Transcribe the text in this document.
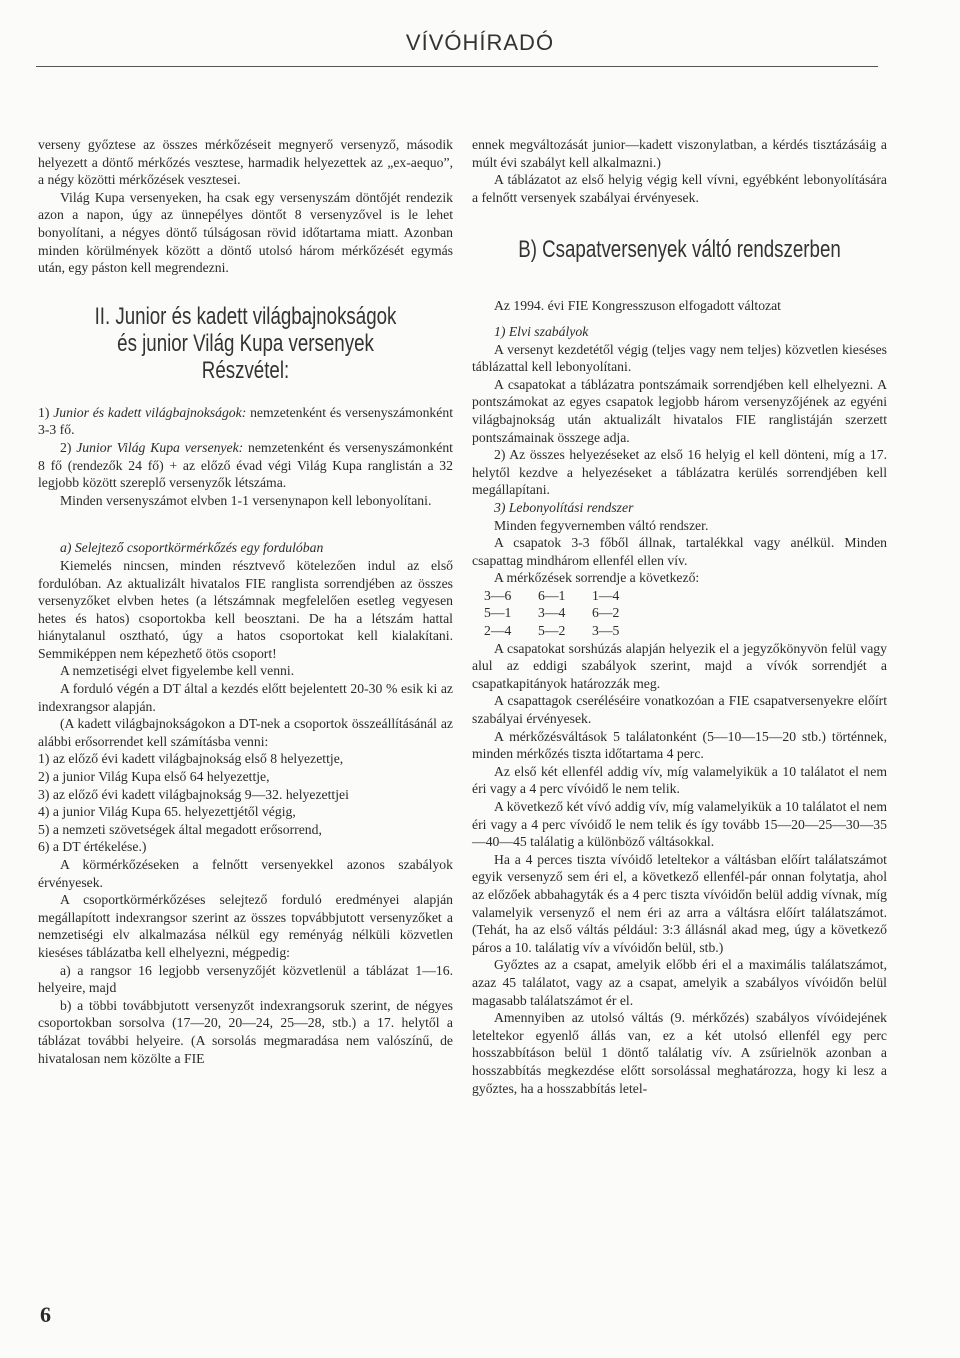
VÍVÓHÍRADÓ

verseny győztese az összes mérkőzéseit megnyerő versenyző, második helyezett a döntő mérkőzés vesztese, harmadik helyezettek az „ex-aequo”, a négy közötti mérkőzések vesztesei.

Világ Kupa versenyeken, ha csak egy versenyszám döntőjét rendezik azon a napon, úgy az ünnepélyes döntőt 8 versenyzővel is le lehet bonyolítani, a négyes döntő túlságosan rövid időtartama miatt. Azonban minden körülmények között a döntő utolsó három mérkőzését egymás után, egy páston kell megrendezni.

II. Junior és kadett világbajnokságok
és junior Világ Kupa versenyek
Részvétel:

1) Junior és kadett világbajnokságok: nemzetenként és versenyszámonként 3-3 fő.

2) Junior Világ Kupa versenyek: nemzetenként és versenyszámonként 8 fő (rendezők 24 fő) + az előző évad végi Világ Kupa ranglistán a 32 legjobb között szereplő versenyzők létszáma.

Minden versenyszámot elvben 1-1 versenynapon kell lebonyolítani.

a) Selejtező csoportkörmérkőzés egy fordulóban

Kiemelés nincsen, minden résztvevő kötelezően indul az első fordulóban. Az aktualizált hivatalos FIE ranglista sorrendjében az összes versenyzőket elvben hetes (a létszámnak megfelelően esetleg vegyesen hetes és hatos) csoportokba kell beosztani. De ha a létszám hattal hiánytalanul osztható, úgy a hatos csoportokat kell kialakítani. Semmiképpen nem képezhető ötös csoport!

A nemzetiségi elvet figyelembe kell venni.

A forduló végén a DT által a kezdés előtt bejelentett 20-30 % esik ki az indexrangsor alapján.

(A kadett világbajnokságokon a DT-nek a csoportok összeállításánál az alábbi erősorrendet kell számításba venni:

1) az előző évi kadett világbajnokság első 8 helyezettje,

2) a junior Világ Kupa első 64 helyezettje,

3) az előző évi kadett világbajnokság 9—32. helyezettjei

4) a junior Világ Kupa 65. helyezettjétől végig,

5) a nemzeti szövetségek által megadott erősorrend,

6) a DT értékelése.)

A körmérkőzéseken a felnőtt versenyekkel azonos szabályok érvényesek.

A csoportkörmérkőzéses selejtező forduló eredményei alapján megállapított indexrangsor szerint az összes topvábbjutott versenyzőket a nemzetiségi elv alkalmazása nélkül egy reményág nélküli közvetlen kieséses táblázatba kell elhelyezni, mégpedig:

a) a rangsor 16 legjobb versenyzőjét közvetlenül a táblázat 1—16. helyeire, majd

b) a többi továbbjutott versenyzőt indexrangsoruk szerint, de négyes csoportokban sorsolva (17—20, 20—24, 25—28, stb.) a 17. helytől a táblázat további helyeire. (A sorsolás megmaradása nem valószínű, de hivatalosan nem közölte a FIE

ennek megváltozását junior—kadett viszonylatban, a kérdés tisztázásáig a múlt évi szabályt kell alkalmazni.)

A táblázatot az első helyig végig kell vívni, egyébként lebonyolítására a felnőtt versenyek szabályai érvényesek.

B) Csapatversenyek váltó rendszerben

Az 1994. évi FIE Kongresszuson elfogadott változat

1) Elvi szabályok

A versenyt kezdetétől végig (teljes vagy nem teljes) közvetlen kieséses táblázattal kell lebonyolítani.

A csapatokat a táblázatra pontszámaik sorrendjében kell elhelyezni. A pontszámokat az egyes csapatok legjobb három versenyzőjének az egyéni világbajnokság után aktualizált hivatalos FIE ranglistáján szerzett pontszámainak összege adja.

2) Az összes helyezéseket az első 16 helyig el kell dönteni, míg a 17. helytől kezdve a helyezéseket a táblázatra kerülés sorrendjében kell megállapítani.

3) Lebonyolítási rendszer

Minden fegyvernemben váltó rendszer.

A csapatok 3-3 főből állnak, tartalékkal vagy anélkül. Minden csapattag mindhárom ellenfél ellen vív.

A mérkőzések sorrendje a következő:

3—6 6—1 1—4
5—1 3—4 6—2
2—4 5—2 3—5

A csapatokat sorshúzás alapján helyezik el a jegyzőkönyvön felül vagy alul az eddigi szabályok szerint, majd a vívók sorrendjét a csapatkapitányok határozzák meg.

A csapattagok cseréléséire vonatkozóan a FIE csapatversenyekre előírt szabályai érvényesek.

A mérkőzésváltások 5 találatonként (5—10—15—20 stb.) történnek, minden mérkőzés tiszta időtartama 4 perc.

Az első két ellenfél addig vív, míg valamelyikük a 10 találatot el nem éri vagy a 4 perc vívóidő le nem telik.

A következő két vívó addig vív, míg valamelyikük a 10 találatot el nem éri vagy a 4 perc vívóidő le nem telik és így tovább 15—20—25—30—35—40—45 találatig a különböző váltásokkal.

Ha a 4 perces tiszta vívóidő leteltekor a váltásban előírt találatszámot egyik versenyző sem éri el, a következő ellenfél-pár onnan folytatja, ahol az előzőek abbahagyták és a 4 perc tiszta vívóidőn belül addig vívnak, míg valamelyik versenyző el nem éri az arra a váltásra előírt találatszámot. (Tehát, ha az első váltás például: 3:3 állásnál akad meg, úgy a következő páros a 10. találatig vív a vívóidőn belül, stb.)

Győztes az a csapat, amelyik előbb éri el a maximális találatszámot, azaz 45 találatot, vagy az a csapat, amelyik a szabályos vívóidőn belül magasabb találatszámot ér el.

Amennyiben az utolsó váltás (9. mérkőzés) szabályos vívóidejének leteltekor egyenlő állás van, ez a két utolsó ellenfél egy perc hosszabbításon belül 1 döntő találatig vív. A zsűrielnök azonban a hosszabbítás megkezdése előtt sorsolással meghatározza, hogy ki lesz a győztes, ha a hosszabbítás letel-

6
